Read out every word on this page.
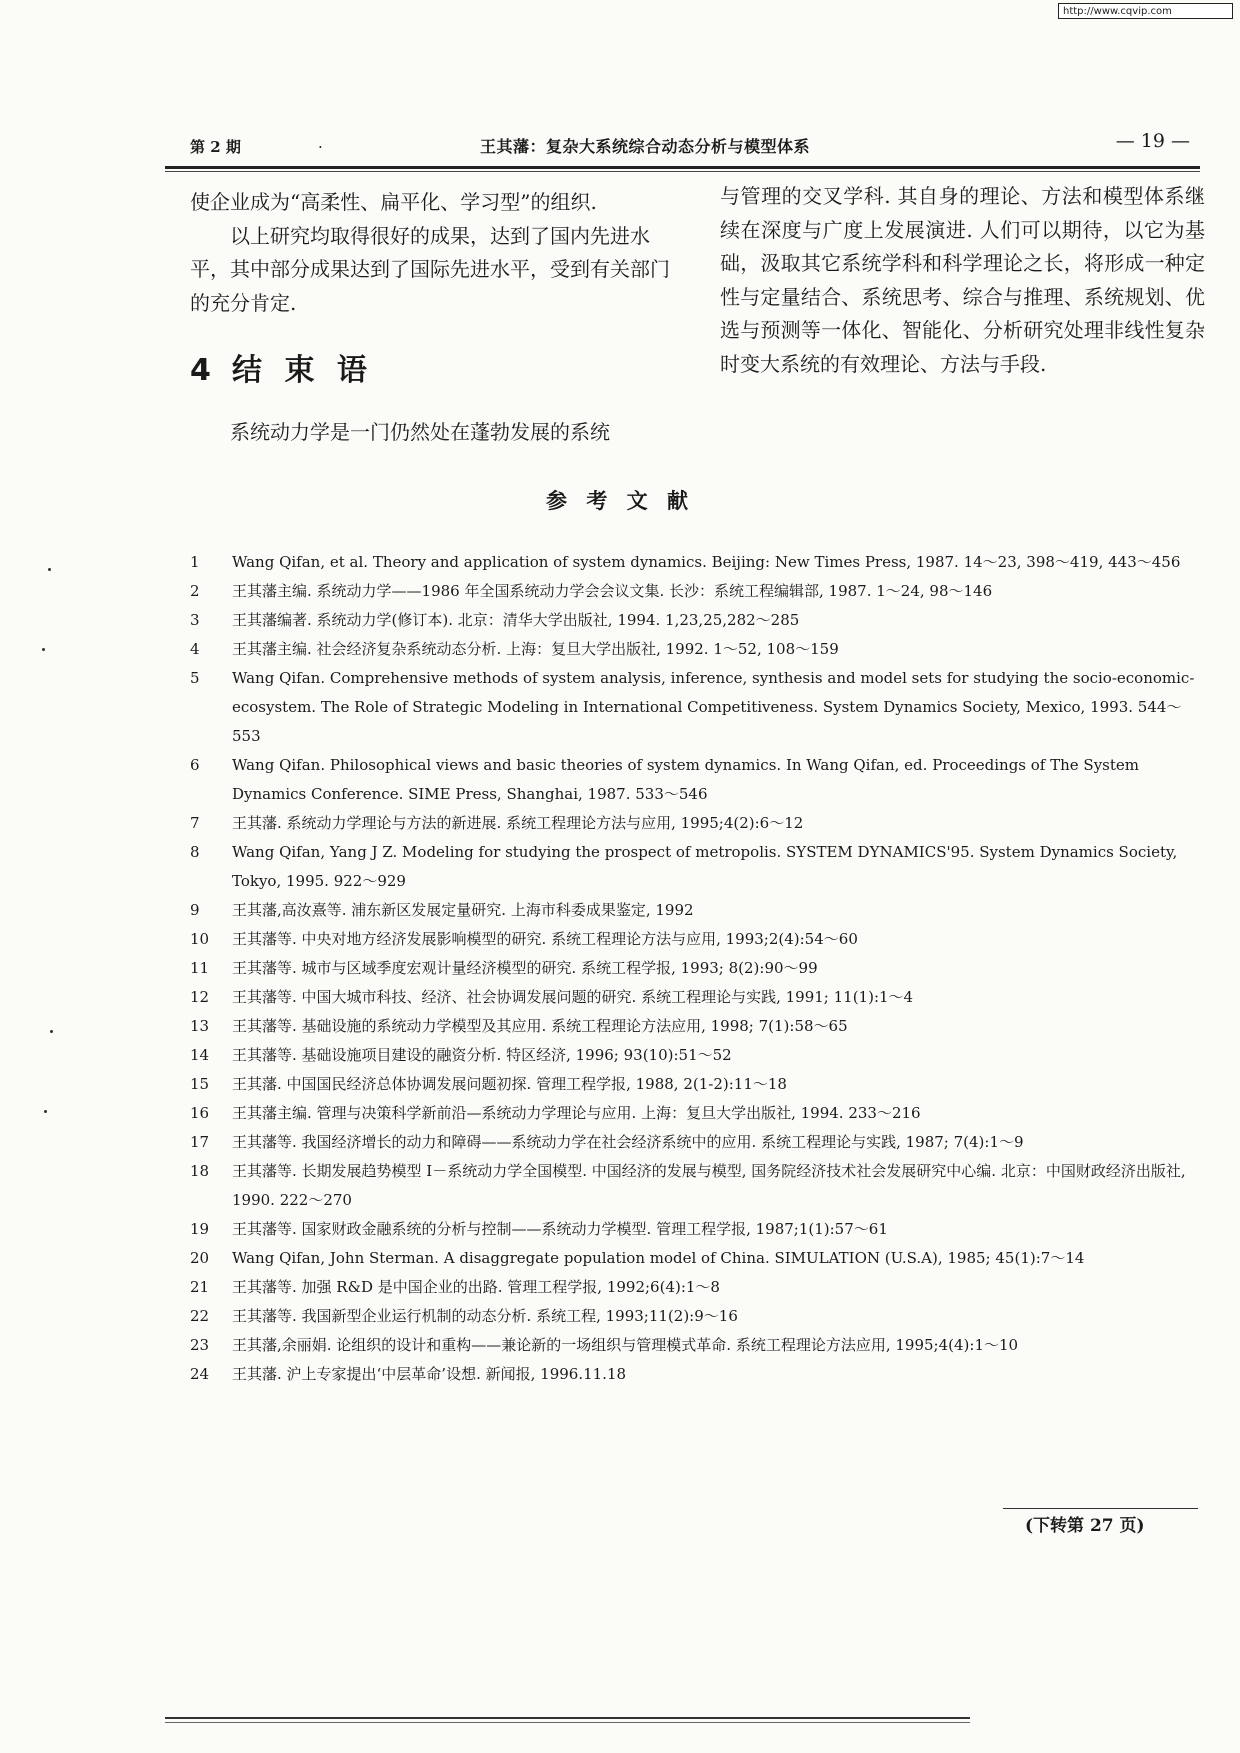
http://www.cqvip.com
第 2 期	.	王其藩：复杂大系统综合动态分析与模型体系	— 19 —

使企业成为“高柔性、扁平化、学习型”的组织.

以上研究均取得很好的成果，达到了国内先进水平，其中部分成果达到了国际先进水平，受到有关部门的充分肯定.

4 结 束 语

系统动力学是一门仍然处在蓬勃发展的系统

与管理的交叉学科. 其自身的理论、方法和模型体系继续在深度与广度上发展演进. 人们可以期待，以它为基础，汲取其它系统学科和科学理论之长，将形成一种定性与定量结合、系统思考、综合与推理、系统规划、优选与预测等一体化、智能化、分析研究处理非线性复杂时变大系统的有效理论、方法与手段.

参 考 文 献
1	Wang Qifan, et al. Theory and application of system dynamics. Beijing: New Times Press, 1987. 14～23, 398～419, 443～456
2	王其藩主编. 系统动力学——1986 年全国系统动力学会会议文集. 长沙：系统工程编辑部, 1987. 1～24, 98～146
3	王其藩编著. 系统动力学(修订本). 北京：清华大学出版社, 1994. 1,23,25,282～285
4	王其藩主编. 社会经济复杂系统动态分析. 上海：复旦大学出版社, 1992. 1～52, 108～159
5	Wang Qifan. Comprehensive methods of system analysis, inference, synthesis and model sets for studying the socio-economic-ecosystem. The Role of Strategic Modeling in International Competitiveness. System Dynamics Society, Mexico, 1993. 544～553
6	Wang Qifan. Philosophical views and basic theories of system dynamics. In Wang Qifan, ed. Proceedings of The System Dynamics Conference. SIME Press, Shanghai, 1987. 533～546
7	王其藩. 系统动力学理论与方法的新进展. 系统工程理论方法与应用, 1995;4(2):6～12
8	Wang Qifan, Yang J Z. Modeling for studying the prospect of metropolis. SYSTEM DYNAMICS'95. System Dynamics Society, Tokyo, 1995. 922～929
9	王其藩,高汝熹等. 浦东新区发展定量研究. 上海市科委成果鉴定, 1992
10	王其藩等. 中央对地方经济发展影响模型的研究. 系统工程理论方法与应用, 1993;2(4):54～60
11	王其藩等. 城市与区域季度宏观计量经济模型的研究. 系统工程学报, 1993; 8(2):90～99
12	王其藩等. 中国大城市科技、经济、社会协调发展问题的研究. 系统工程理论与实践, 1991; 11(1):1～4
13	王其藩等. 基础设施的系统动力学模型及其应用. 系统工程理论方法应用, 1998; 7(1):58～65
14	王其藩等. 基础设施项目建设的融资分析. 特区经济, 1996; 93(10):51～52
15	王其藩. 中国国民经济总体协调发展问题初探. 管理工程学报, 1988, 2(1-2):11～18
16	王其藩主编. 管理与决策科学新前沿—系统动力学理论与应用. 上海：复旦大学出版社, 1994. 233～216
17	王其藩等. 我国经济增长的动力和障碍——系统动力学在社会经济系统中的应用. 系统工程理论与实践, 1987; 7(4):1～9
18	王其藩等. 长期发展趋势模型 I－系统动力学全国模型. 中国经济的发展与模型, 国务院经济技术社会发展研究中心编. 北京：中国财政经济出版社, 1990. 222～270
19	王其藩等. 国家财政金融系统的分析与控制——系统动力学模型. 管理工程学报, 1987;1(1):57～61
20	Wang Qifan, John Sterman. A disaggregate population model of China. SIMULATION (U.S.A), 1985; 45(1):7～14
21	王其藩等. 加强 R&D 是中国企业的出路. 管理工程学报, 1992;6(4):1～8
22	王其藩等. 我国新型企业运行机制的动态分析. 系统工程, 1993;11(2):9～16
23	王其藩,余丽娟. 论组织的设计和重构——兼论新的一场组织与管理模式革命. 系统工程理论方法应用, 1995;4(4):1～10
24	王其藩. 沪上专家提出‘中层革命’设想. 新闻报, 1996.11.18
(下转第 27 页)
